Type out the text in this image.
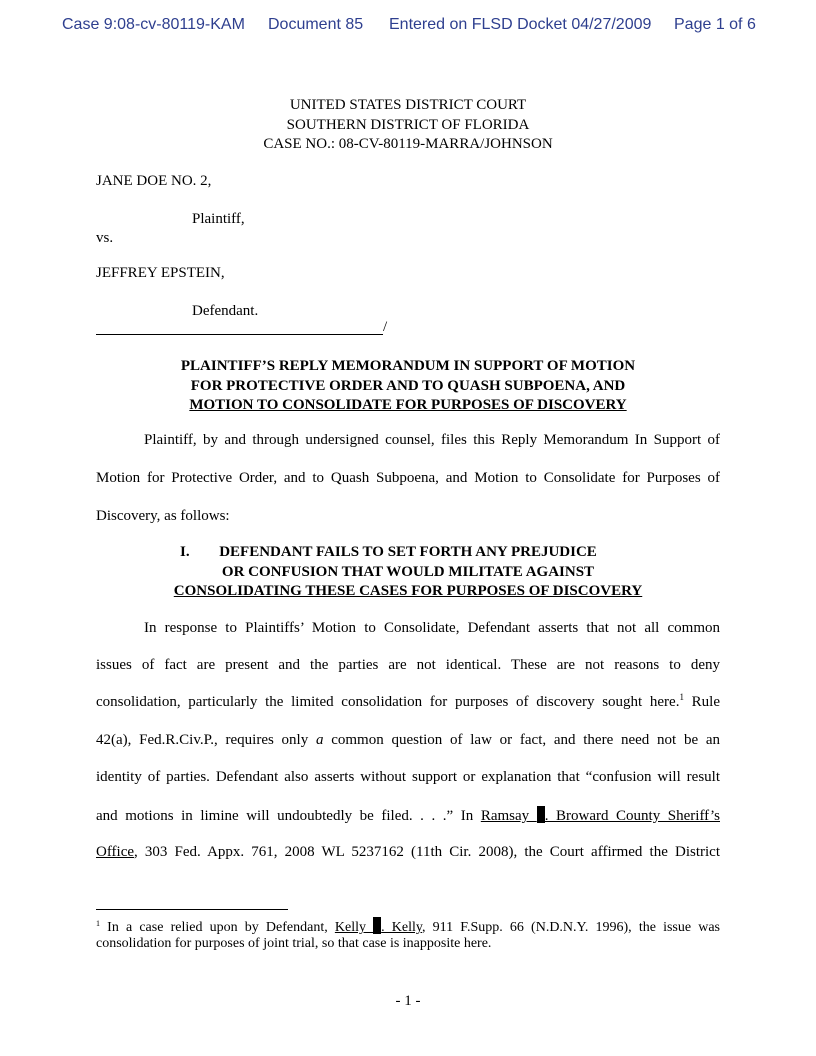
Case 9:08-cv-80119-KAM Document 85 Entered on FLSD Docket 04/27/2009 Page 1 of 6
UNITED STATES DISTRICT COURT
SOUTHERN DISTRICT OF FLORIDA
CASE NO.: 08-CV-80119-MARRA/JOHNSON
JANE DOE NO. 2,
Plaintiff,
vs.
JEFFREY EPSTEIN,
Defendant.
/
PLAINTIFF’S REPLY MEMORANDUM IN SUPPORT OF MOTION
FOR PROTECTIVE ORDER AND TO QUASH SUBPOENA, AND
MOTION TO CONSOLIDATE FOR PURPOSES OF DISCOVERY
Plaintiff, by and through undersigned counsel, files this Reply Memorandum In Support of
Motion for Protective Order, and to Quash Subpoena, and Motion to Consolidate for Purposes of
Discovery, as follows:
I.	DEFENDANT FAILS TO SET FORTH ANY PREJUDICE
OR CONFUSION THAT WOULD MILITATE AGAINST
CONSOLIDATING THESE CASES FOR PURPOSES OF DISCOVERY
In response to Plaintiffs’ Motion to Consolidate, Defendant asserts that not all common
issues of fact are present and the parties are not identical. These are not reasons to deny
consolidation, particularly the limited consolidation for purposes of discovery sought here.$^1$ Rule
42(a), Fed.R.Civ.P., requires only a common question of law or fact, and there need not be an
identity of parties. Defendant also asserts without support or explanation that “confusion will result
and motions in limine will undoubtedly be filed. . . .” In Ramsay . Broward County Sheriff’s
Office, 303 Fed. Appx. 761, 2008 WL 5237162 (11th Cir. 2008), the Court affirmed the District
$^1$ In a case relied upon by Defendant, Kelly . Kelly, 911 F.Supp. 66 (N.D.N.Y. 1996), the issue was
consolidation for purposes of joint trial, so that case is inapposite here.
- 1 -
